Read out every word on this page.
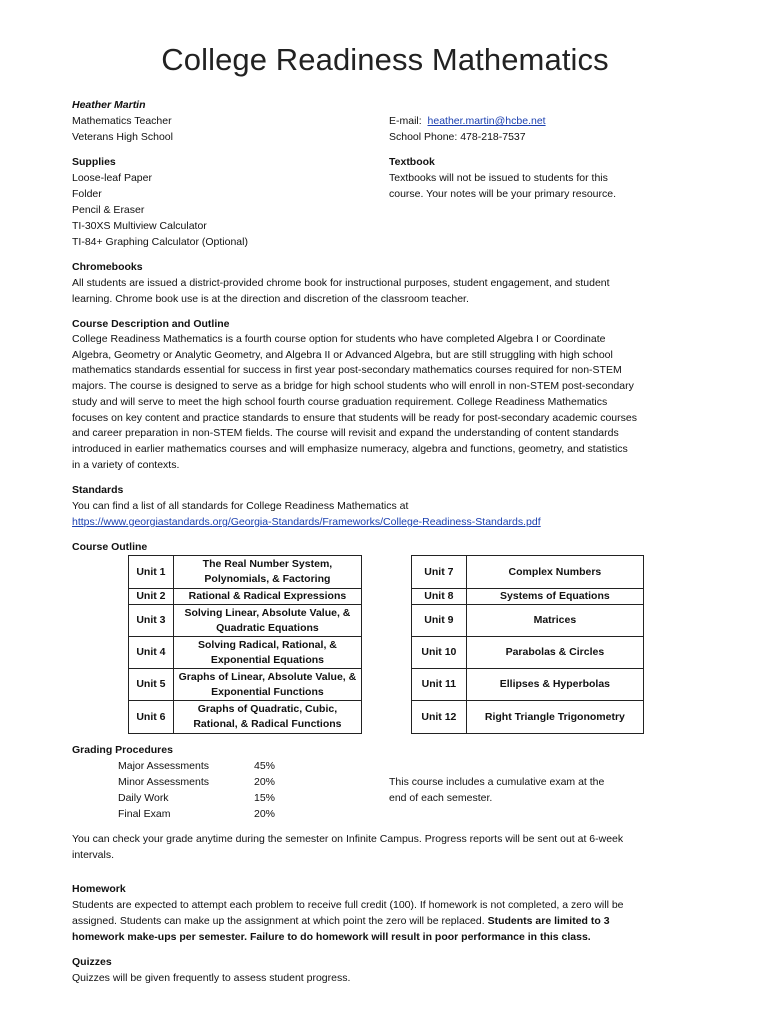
College Readiness Mathematics
Heather Martin
Mathematics Teacher
Veterans High School
E-mail: heather.martin@hcbe.net
School Phone: 478-218-7537
Supplies
Loose-leaf Paper
Folder
Pencil & Eraser
TI-30XS Multiview Calculator
TI-84+ Graphing Calculator (Optional)
Textbook
Textbooks will not be issued to students for this
course. Your notes will be your primary resource.
Chromebooks
All students are issued a district-provided chrome book for instructional purposes, student engagement, and student
learning. Chrome book use is at the direction and discretion of the classroom teacher.
Course Description and Outline
College Readiness Mathematics is a fourth course option for students who have completed Algebra I or Coordinate
Algebra, Geometry or Analytic Geometry, and Algebra II or Advanced Algebra, but are still struggling with high school
mathematics standards essential for success in first year post-secondary mathematics courses required for non-STEM
majors. The course is designed to serve as a bridge for high school students who will enroll in non-STEM post-secondary
study and will serve to meet the high school fourth course graduation requirement. College Readiness Mathematics
focuses on key content and practice standards to ensure that students will be ready for post-secondary academic courses
and career preparation in non-STEM fields. The course will revisit and expand the understanding of content standards
introduced in earlier mathematics courses and will emphasize numeracy, algebra and functions, geometry, and statistics
in a variety of contexts.
Standards
You can find a list of all standards for College Readiness Mathematics at
https://www.georgiastandards.org/Georgia-Standards/Frameworks/College-Readiness-Standards.pdf
Course Outline
Unit 1	The Real Number System, Polynomials, & Factoring
Unit 2	Rational & Radical Expressions
Unit 3	Solving Linear, Absolute Value, & Quadratic Equations
Unit 4	Solving Radical, Rational, & Exponential Equations
Unit 5	Graphs of Linear, Absolute Value, & Exponential Functions
Unit 6	Graphs of Quadratic, Cubic, Rational, & Radical Functions
Unit 7	Complex Numbers
Unit 8	Systems of Equations
Unit 9	Matrices
Unit 10	Parabolas & Circles
Unit 11	Ellipses & Hyperbolas
Unit 12	Right Triangle Trigonometry
Grading Procedures
Major Assessments	45%
Minor Assessments	20%
Daily Work	15%
Final Exam	20%
This course includes a cumulative exam at the
end of each semester.
You can check your grade anytime during the semester on Infinite Campus. Progress reports will be sent out at 6-week
intervals.
Homework
Students are expected to attempt each problem to receive full credit (100). If homework is not completed, a zero will be
assigned. Students can make up the assignment at which point the zero will be replaced. Students are limited to 3
homework make-ups per semester. Failure to do homework will result in poor performance in this class.
Quizzes
Quizzes will be given frequently to assess student progress.
